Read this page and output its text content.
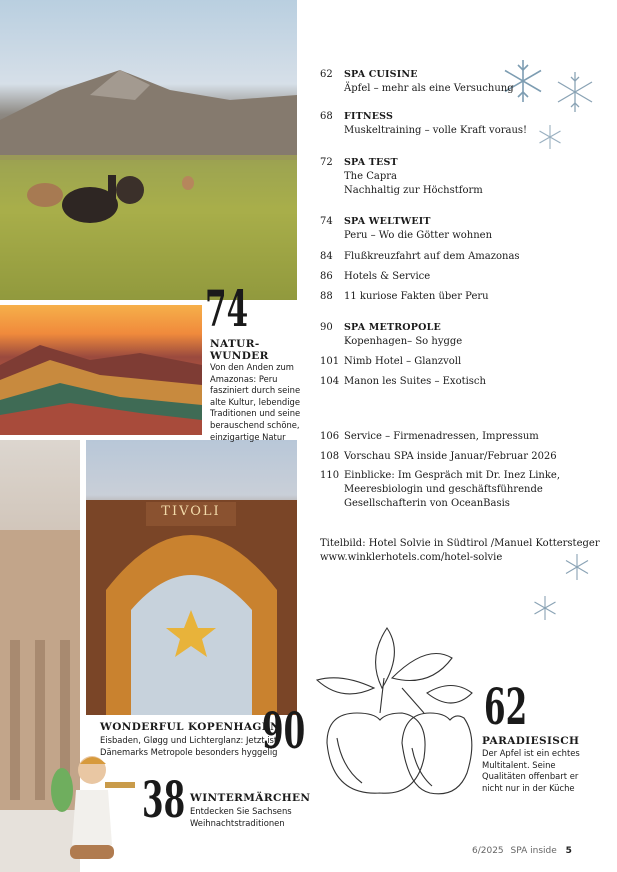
TIVOLI
62	SPA CUISINE
Äpfel – mehr als eine Versuchung
68	FITNESS
Muskeltraining – volle Kraft voraus!
72	SPA TEST
The Capra
Nachhaltig zur Höchstform
74	SPA WELTWEIT
Peru – Wo die Götter wohnen
84	Flußkreuzfahrt auf dem Amazonas
86	Hotels & Service
88	11 kuriose Fakten über Peru
90	SPA METROPOLE
Kopenhagen– So hygge
101 Nimb Hotel – Glanzvoll
104 Manon les Suites – Exotisch
106 Service – Firmenadressen, Impressum
108 Vorschau SPA inside Januar/Februar 2026
110 Einblicke: Im Gespräch mit Dr. Inez Linke,
Meeresbiologin und geschäftsführende
Gesellschafterin von OceanBasis
Titelbild: Hotel Solvie in Südtirol /Manuel Kottersteger
www.winklerhotels.com/hotel-solvie
74
NATUR-
WUNDER
Von den Anden zum
Amazonas: Peru
fasziniert durch seine
alte Kultur, lebendige
Traditionen und seine
berauschend schöne,
einzigartige Natur
90
WONDERFUL KOPENHAGEN
Eisbaden, Gløgg und Lichterglanz: Jetzt ist
Dänemarks Metropole besonders hyggelig
38 WINTERMÄRCHEN
Entdecken Sie Sachsens
Weihnachtstraditionen
62
PARADIESISCH
Der Apfel ist ein echtes
Multitalent. Seine
Qualitäten offenbart er
nicht nur in der Küche
6/2025 SPA inside 5
